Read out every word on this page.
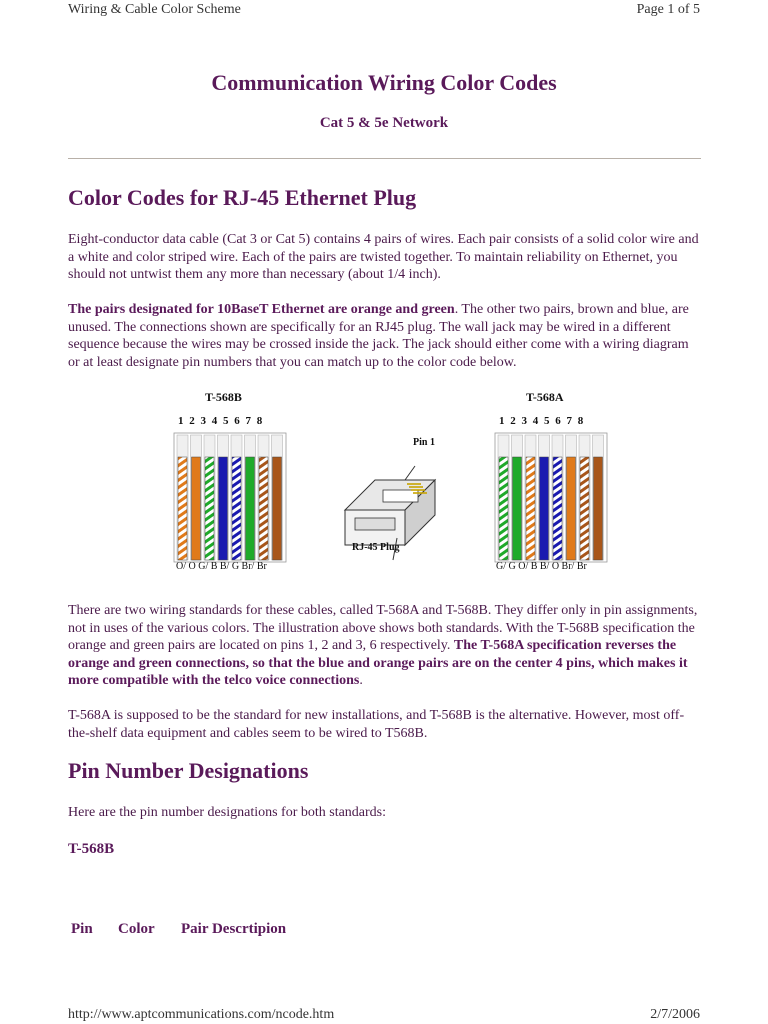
Wiring & Cable Color Scheme	Page 1 of 5
Communication Wiring Color Codes
Cat 5 & 5e Network
Color Codes for RJ-45 Ethernet Plug
Eight-conductor data cable (Cat 3 or Cat 5) contains 4 pairs of wires. Each pair consists of a solid color wire and a white and color striped wire. Each of the pairs are twisted together. To maintain reliability on Ethernet, you should not untwist them any more than necessary (about 1/4 inch).
The pairs designated for 10BaseT Ethernet are orange and green. The other two pairs, brown and blue, are unused. The connections shown are specifically for an RJ45 plug. The wall jack may be wired in a different sequence because the wires may be crossed inside the jack. The jack should either come with a wiring diagram or at least designate pin numbers that you can match up to the color code below.
T-568B	T-568A
1 2 3 4 5 6 7 8	1 2 3 4 5 6 7 8
O/ O G/ B B/ G Br/ Br	G/ G O/ B B/ O Br/ Br
Pin 1
RJ-45 Plug
There are two wiring standards for these cables, called T-568A and T-568B. They differ only in pin assignments, not in uses of the various colors. The illustration above shows both standards. With the T-568B specification the orange and green pairs are located on pins 1, 2 and 3, 6 respectively. The T-568A specification reverses the orange and green connections, so that the blue and orange pairs are on the center 4 pins, which makes it more compatible with the telco voice connections.
T-568A is supposed to be the standard for new installations, and T-568B is the alternative. However, most off-the-shelf data equipment and cables seem to be wired to T568B.
Pin Number Designations
Here are the pin number designations for both standards:
T-568B
Pin Color Pair Descrtipion
http://www.aptcommunications.com/ncode.htm	2/7/2006
